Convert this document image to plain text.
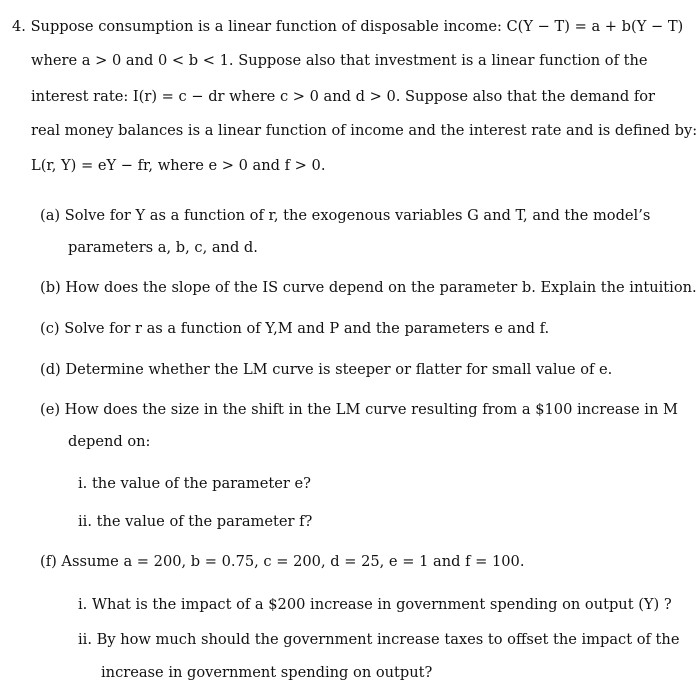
4. Suppose consumption is a linear function of disposable income: C(Y − T) = a + b(Y − T)

where a > 0 and 0 < b < 1. Suppose also that investment is a linear function of the

interest rate: I(r) = c − dr where c > 0 and d > 0. Suppose also that the demand for

real money balances is a linear function of income and the interest rate and is defined by:

L(r, Y) = eY − fr, where e > 0 and f > 0.

(a) Solve for Y as a function of r, the exogenous variables G and T, and the model’s

parameters a, b, c, and d.

(b) How does the slope of the IS curve depend on the parameter b. Explain the intuition.

(c) Solve for r as a function of Y,M and P and the parameters e and f.

(d) Determine whether the LM curve is steeper or flatter for small value of e.

(e) How does the size in the shift in the LM curve resulting from a $100 increase in M

depend on:

i. the value of the parameter e?

ii. the value of the parameter f?

(f) Assume a = 200, b = 0.75, c = 200, d = 25, e = 1 and f = 100.

i. What is the impact of a $200 increase in government spending on output (Y) ?

ii. By how much should the government increase taxes to offset the impact of the

increase in government spending on output?
